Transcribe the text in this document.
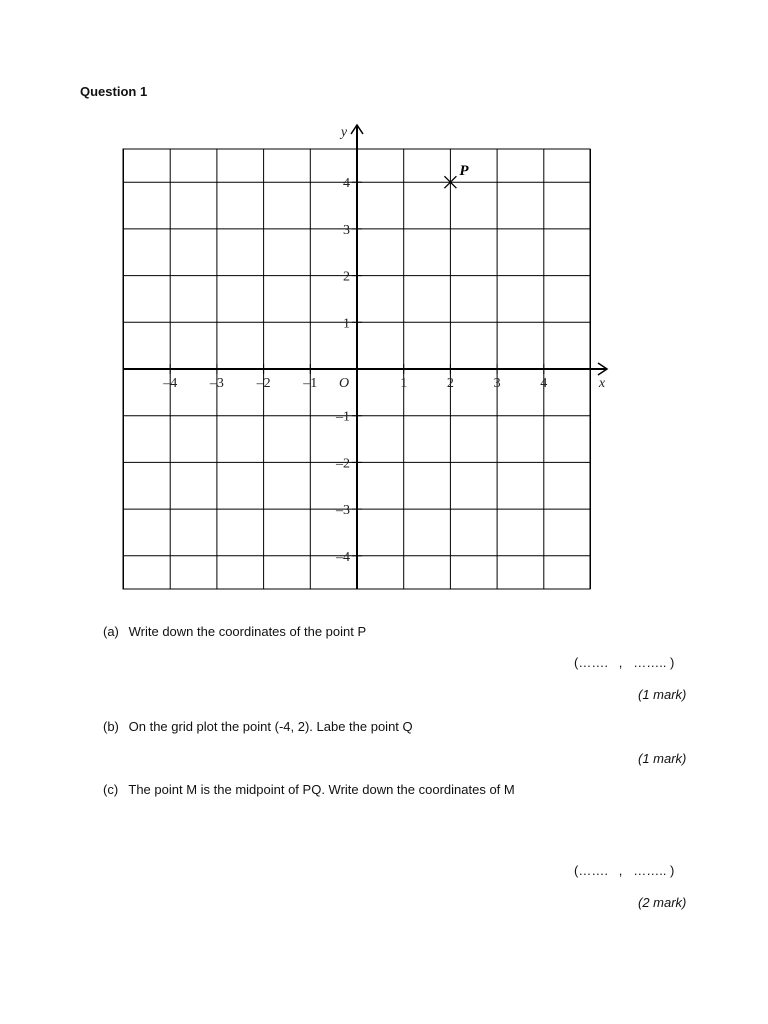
Question 1
–4 –3 –2 –1	1	2	3	4
4
3
2
1
–1
–2
–3
–4
O	x
y
P
(a) Write down the coordinates of the point P
(…….   ,   …….. )
(1 mark)
(b) On the grid plot the point (-4, 2). Labe the point Q
(1 mark)
(c) The point M is the midpoint of PQ. Write down the coordinates of M
(…….   ,   …….. )
(2 mark)
